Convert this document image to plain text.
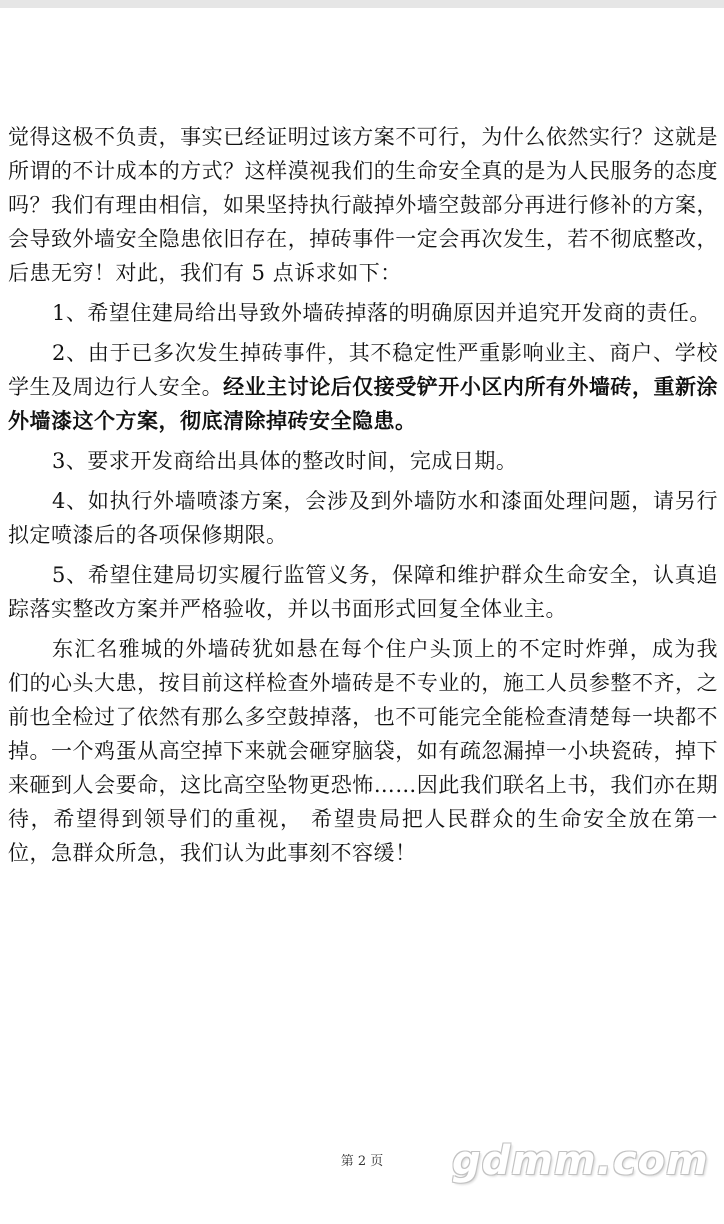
觉得这极不负责，事实已经证明过该方案不可行，为什么依然实行？这就是所谓的不计成本的方式？这样漠视我们的生命安全真的是为人民服务的态度吗？我们有理由相信，如果坚持执行敲掉外墙空鼓部分再进行修补的方案，会导致外墙安全隐患依旧存在，掉砖事件一定会再次发生，若不彻底整改，后患无穷！对此，我们有 5 点诉求如下：

1、希望住建局给出导致外墙砖掉落的明确原因并追究开发商的责任。

2、由于已多次发生掉砖事件，其不稳定性严重影响业主、商户、学校学生及周边行人安全。经业主讨论后仅接受铲开小区内所有外墙砖，重新涂外墙漆这个方案，彻底清除掉砖安全隐患。

3、要求开发商给出具体的整改时间，完成日期。

4、如执行外墙喷漆方案，会涉及到外墙防水和漆面处理问题，请另行拟定喷漆后的各项保修期限。

5、希望住建局切实履行监管义务，保障和维护群众生命安全，认真追踪落实整改方案并严格验收，并以书面形式回复全体业主。

东汇名雅城的外墙砖犹如悬在每个住户头顶上的不定时炸弹，成为我们的心头大患，按目前这样检查外墙砖是不专业的，施工人员参整不齐，之前也全检过了依然有那么多空鼓掉落，也不可能完全能检查清楚每一块都不掉。一个鸡蛋从高空掉下来就会砸穿脑袋，如有疏忽漏掉一小块瓷砖，掉下来砸到人会要命，这比高空坠物更恐怖……因此我们联名上书，我们亦在期待，希望得到领导们的重视， 希望贵局把人民群众的生命安全放在第一位，急群众所急，我们认为此事刻不容缓！

第 2 页	gdmm.com
